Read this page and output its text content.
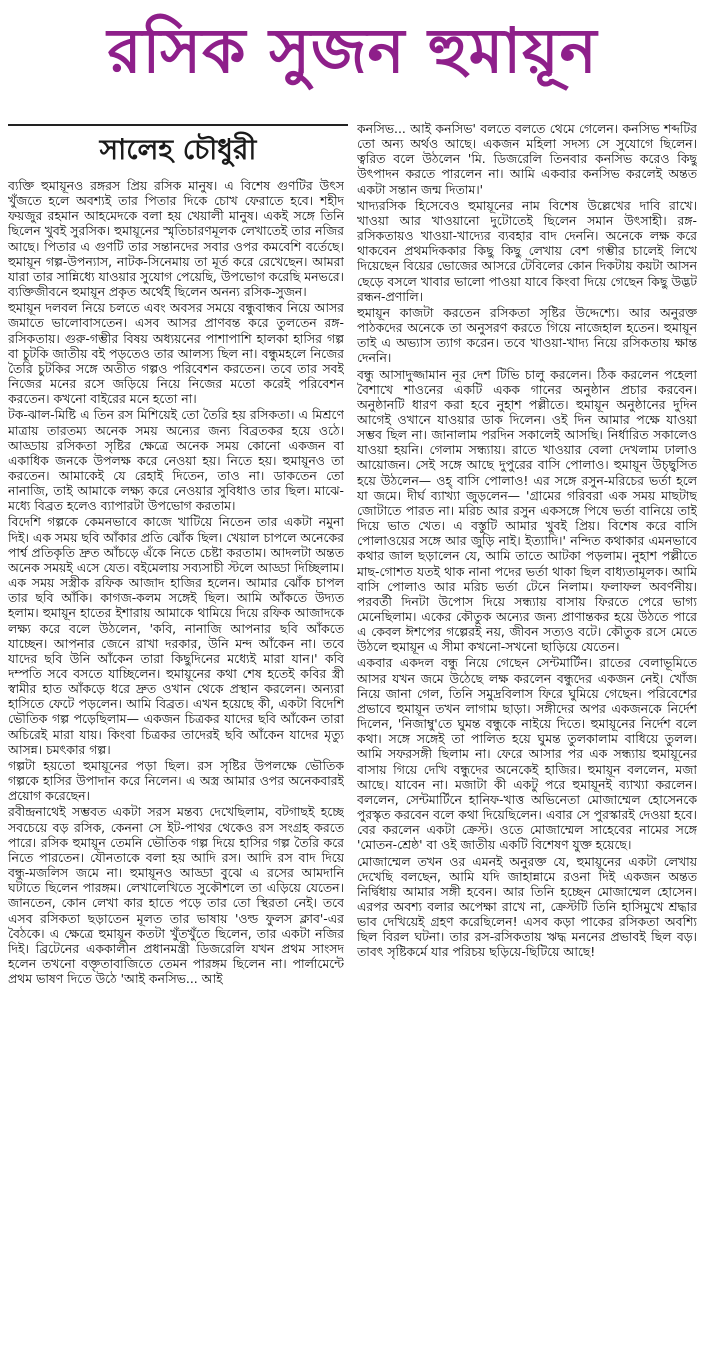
রসিক সুজন হুমায়ূন
সালেহ চৌধুরী

ব্যক্তি হুমায়ূনও রঙ্গরস প্রিয় রসিক মানুষ। এ বিশেষ গুণটির উৎস খুঁজতে হলে অবশ্যই তার পিতার দিকে চোখ ফেরাতে হবে। শহীদ ফয়জুর রহমান আহমেদকে বলা হয় খেয়ালী মানুষ। একই সঙ্গে তিনি ছিলেন খুবই সুরসিক। হুমায়ূনের স্মৃতিচারণমূলক লেখাতেই তার নজির আছে। পিতার এ গুণটি তার সন্তানদের সবার ওপর কমবেশি বর্তেছে। হুমায়ূন গল্প-উপন্যাস, নাটক-সিনেমায় তা মূর্ত করে রেখেছেন। আমরা যারা তার সান্নিধ্যে যাওয়ার সুযোগ পেয়েছি, উপভোগ করেছি মনভরে। ব্যক্তিজীবনে হুমায়ূন প্রকৃত অর্থেই ছিলেন অনন্য রসিক-সুজন।

হুমায়ূন দলবল নিয়ে চলতে এবং অবসর সময়ে বন্ধুবান্ধব নিয়ে আসর জমাতে ভালোবাসতেন। এসব আসর প্রাণবন্ত করে তুলতেন রঙ্গ-রসিকতায়। গুরু-গম্ভীর বিষয় অধ্যয়নের পাশাপাশি হালকা হাসির গল্প বা চুটকি জাতীয় বই পড়তেও তার আলস্য ছিল না। বন্ধুমহলে নিজের তৈরি চুটকির সঙ্গে অতীত গল্পও পরিবেশন করতেন। তবে তার সবই নিজের মনের রসে জড়িয়ে নিয়ে নিজের মতো করেই পরিবেশন করতেন। কখনো বাইরের মনে হতো না।

টক-ঝাল-মিষ্টি এ তিন রস মিশিয়েই তো তৈরি হয় রসিকতা। এ মিশ্রণে মাত্রায় তারতম্য অনেক সময় অন্যের জন্য বিব্রতকর হয়ে ওঠে। আড্ডায় রসিকতা সৃষ্টির ক্ষেত্রে অনেক সময় কোনো একজন বা একাধিক জনকে উপলক্ষ করে নেওয়া হয়। নিতে হয়। হুমায়ূনও তা করতেন। আমাকেই যে রেহাই দিতেন, তাও না। ডাকতেন তো নানাজি, তাই আমাকে লক্ষ্য করে নেওয়ার সুবিধাও তার ছিল। মাঝে-মধ্যে বিব্রত হলেও ব্যাপারটা উপভোগ করতাম।

বিদেশি গল্পকে কেমনভাবে কাজে খাটিয়ে নিতেন তার একটা নমুনা দিই। এক সময় ছবি আঁকার প্রতি ঝোঁক ছিল। খেয়াল চাপলে অনেকের পার্শ্ব প্রতিকৃতি দ্রুত আঁচড়ে এঁকে নিতে চেষ্টা করতাম। আদলটা অন্তত অনেক সময়ই এসে যেত। বইমেলায় সব্যসাচী স্টলে আড্ডা দিচ্ছিলাম। এক সময় সস্ত্রীক রফিক আজাদ হাজির হলেন। আমার ঝোঁক চাপল তার ছবি আঁকি। কাগজ-কলম সঙ্গেই ছিল। আমি আঁকতে উদ্যত হলাম। হুমায়ূন হাতের ইশারায় আমাকে থামিয়ে দিয়ে রফিক আজাদকে লক্ষ্য করে বলে উঠলেন, 'কবি, নানাজি আপনার ছবি আঁকতে যাচ্ছেন। আপনার জেনে রাখা দরকার, উনি মন্দ আঁকেন না। তবে যাদের ছবি উনি আঁকেন তারা কিছুদিনের মধ্যেই মারা যান।' কবি দম্পতি সবে বসতে যাচ্ছিলেন। হুমায়ূনের কথা শেষ হতেই কবির স্ত্রী স্বামীর হাত আঁকড়ে ধরে দ্রুত ওখান থেকে প্রস্থান করলেন। অন্যরা হাসিতে ফেটে পড়লেন। আমি বিব্রত। এখন হয়েছে কী, একটা বিদেশি ভৌতিক গল্প পড়েছিলাম— একজন চিত্রকর যাদের ছবি আঁকেন তারা অচিরেই মারা যায়। কিংবা চিত্রকর তাদেরই ছবি আঁকেন যাদের মৃত্যু আসন্ন। চমৎকার গল্প।

গল্পটা হয়তো হুমায়ূনের পড়া ছিল। রস সৃষ্টির উপলক্ষে ভৌতিক গল্পকে হাসির উপাদান করে নিলেন। এ অস্ত্র আমার ওপর অনেকবারই প্রয়োগ করেছেন।

রবীন্দ্রনাথেই সম্ভবত একটা সরস মন্তব্য দেখেছিলাম, বটগাছই হচ্ছে সবচেয়ে বড় রসিক, কেননা সে ইট-পাথর থেকেও রস সংগ্রহ করতে পারে। রসিক হুমায়ূন তেমনি ভৌতিক গল্প দিয়ে হাসির গল্প তৈরি করে নিতে পারতেন। যৌনতাকে বলা হয় আদি রস। আদি রস বাদ দিয়ে বন্ধু-মজলিস জমে না। হুমায়ূনও আড্ডা বুঝে এ রসের আমদানি ঘটাতে ছিলেন পারঙ্গম। লেখালেখিতে সুকৌশলে তা এড়িয়ে যেতেন। জানতেন, কোন লেখা কার হাতে পড়ে তার তো স্থিরতা নেই। তবে এসব রসিকতা ছড়াতেন মূলত তার ভাষায় 'ওল্ড ফুলস ক্লাব'-এর বৈঠকে। এ ক্ষেত্রে হুমায়ূন কতটা খুঁতখুঁতে ছিলেন, তার একটা নজির দিই। ব্রিটেনের এককালীন প্রধানমন্ত্রী ডিজরেলি যখন প্রথম সাংসদ হলেন তখনো বক্তৃতাবাজিতে তেমন পারঙ্গম ছিলেন না। পার্লামেন্টে প্রথম ভাষণ দিতে উঠে 'আই কনসিভ... আই

কনসিভ... আই কনসিভ' বলতে বলতে থেমে গেলেন। কনসিভ শব্দটির তো অন্য অর্থও আছে। একজন মহিলা সদস্য সে সুযোগে ছিলেন। ত্বরিত বলে উঠলেন 'মি. ডিজরেলি তিনবার কনসিভ করেও কিছু উৎপাদন করতে পারলেন না। আমি একবার কনসিভ করলেই অন্তত একটা সন্তান জন্ম দিতাম।'

খাদ্যরসিক হিসেবেও হুমায়ূনের নাম বিশেষ উল্লেখের দাবি রাখে। খাওয়া আর খাওয়ানো দুটোতেই ছিলেন সমান উৎসাহী। রঙ্গ-রসিকতায়ও খাওয়া-খাদ্যের ব্যবহার বাদ দেননি। অনেকে লক্ষ করে থাকবেন প্রথমদিককার কিছু কিছু লেখায় বেশ গম্ভীর চালেই লিখে দিয়েছেন বিয়ের ভোজের আসরে টেবিলের কোন দিকটায় কয়টা আসন ছেড়ে বসলে খাবার ভালো পাওয়া যাবে কিংবা দিয়ে গেছেন কিছু উদ্ভট রন্ধন-প্রণালি।

হুমায়ূন কাজটা করতেন রসিকতা সৃষ্টির উদ্দেশ্যে। আর অনুরক্ত পাঠকদের অনেকে তা অনুসরণ করতে গিয়ে নাজেহাল হতেন। হুমায়ূন তাই এ অভ্যাস ত্যাগ করেন। তবে খাওয়া-খাদ্য নিয়ে রসিকতায় ক্ষান্ত দেননি।

বন্ধু আসাদুজ্জামান নূর দেশ টিভি চালু করলেন। ঠিক করলেন পহেলা বৈশাখে শাওনের একটি একক গানের অনুষ্ঠান প্রচার করবেন। অনুষ্ঠানটি ধারণ করা হবে নুহাশ পল্লীতে। হুমায়ূন অনুষ্ঠানের দুদিন আগেই ওখানে যাওয়ার ডাক দিলেন। ওই দিন আমার পক্ষে যাওয়া সম্ভব ছিল না। জানালাম পরদিন সকালেই আসছি। নির্ধারিত সকালেও যাওয়া হয়নি। গেলাম সন্ধ্যায়। রাতে খাওয়ার বেলা দেখলাম ঢালাও আয়োজন। সেই সঙ্গে আছে দুপুরের বাসি পোলাও। হুমায়ূন উচ্ছ্বসিত হয়ে উঠলেন— ওহ্‌ বাসি পোলাও! এর সঙ্গে রসুন-মরিচের ভর্তা হলে যা জমে। দীর্ঘ ব্যাখ্যা জুড়লেন— 'গ্রামের গরিবরা এক সময় মাছটাছ জোটাতে পারত না। মরিচ আর রসুন একসঙ্গে পিষে ভর্তা বানিয়ে তাই দিয়ে ভাত খেত। এ বস্তুটি আমার খুবই প্রিয়। বিশেষ করে বাসি পোলাওয়ের সঙ্গে আর জুড়ি নাই। ইত্যাদি।' নন্দিত কথাকার এমনভাবে কথার জাল ছড়ালেন যে, আমি তাতে আটকা পড়লাম। নুহাশ পল্লীতে মাছ-গোশত যতই থাক নানা পদের ভর্তা থাকা ছিল বাধ্যতামূলক। আমি বাসি পোলাও আর মরিচ ভর্তা টেনে নিলাম। ফলাফল অবর্ণনীয়। পরবর্তী দিনটা উপোস দিয়ে সন্ধ্যায় বাসায় ফিরতে পেরে ভাগ্য মেনেছিলাম। একের কৌতুক অন্যের জন্য প্রাণান্তকর হয়ে উঠতে পারে এ কেবল ঈশপের গল্পেরই নয়, জীবন সত্যও বটে। কৌতুক রসে মেতে উঠলে হুমায়ূন এ সীমা কখনো-সখনো ছাড়িয়ে যেতেন।

একবার একদল বন্ধু নিয়ে গেছেন সেন্টমার্টিন। রাতের বেলাভূমিতে আসর যখন জমে উঠেছে লক্ষ করলেন বন্ধুদের একজন নেই। খোঁজ নিয়ে জানা গেল, তিনি সমুদ্রবিলাস ফিরে ঘুমিয়ে গেছেন। পরিবেশের প্রভাবে হুমায়ূন তখন লাগাম ছাড়া। সঙ্গীদের অপর একজনকে নির্দেশ দিলেন, 'নিজাম্বু'তে ঘুমন্ত বন্ধুকে নাইয়ে দিতে। হুমায়ূনের নির্দেশ বলে কথা। সঙ্গে সঙ্গেই তা পালিত হয়ে ঘুমন্ত তুলকালাম বাধিয়ে তুলল। আমি সফরসঙ্গী ছিলাম না। ফেরে আসার পর এক সন্ধ্যায় হুমায়ূনের বাসায় গিয়ে দেখি বন্ধুদের অনেকেই হাজির। হুমায়ূন বললেন, মজা আছে। যাবেন না। মজাটা কী একটু পরে হুমায়ূনই ব্যাখ্যা করলেন। বললেন, সেন্টমার্টিনে হানিফ-খাত্ত অভিনেতা মোজাম্মেল হোসেনকে পুরস্কৃত করবেন বলে কথা দিয়েছিলেন। এবার সে পুরস্কারই দেওয়া হবে। বের করলেন একটা ক্রেস্ট। ওতে মোজাম্মেল সাহেবের নামের সঙ্গে 'মোতন-শ্রেষ্ঠ' বা ওই জাতীয় একটি বিশেষণ যুক্ত হয়েছে।

মোজাম্মেল তখন ওর এমনই অনুরক্ত যে, হুমায়ূনের একটা লেখায় দেখেছি বলছেন, আমি যদি জাহান্নামে রওনা দিই একজন অন্তত নির্দ্বিধায় আমার সঙ্গী হবেন। আর তিনি হচ্ছেন মোজাম্মেল হোসেন। এরপর অবশ্য বলার অপেক্ষা রাখে না, ক্রেস্টটি তিনি হাসিমুখে শ্রদ্ধার ভাব দেখিয়েই গ্রহণ করেছিলেন! এসব কড়া পাকের রসিকতা অবশ্যি ছিল বিরল ঘটনা। তার রস-রসিকতায় ঋদ্ধ মননের প্রভাবই ছিল বড়। তাবৎ সৃষ্টিকর্মে যার পরিচয় ছড়িয়ে-ছিটিয়ে আছে!
